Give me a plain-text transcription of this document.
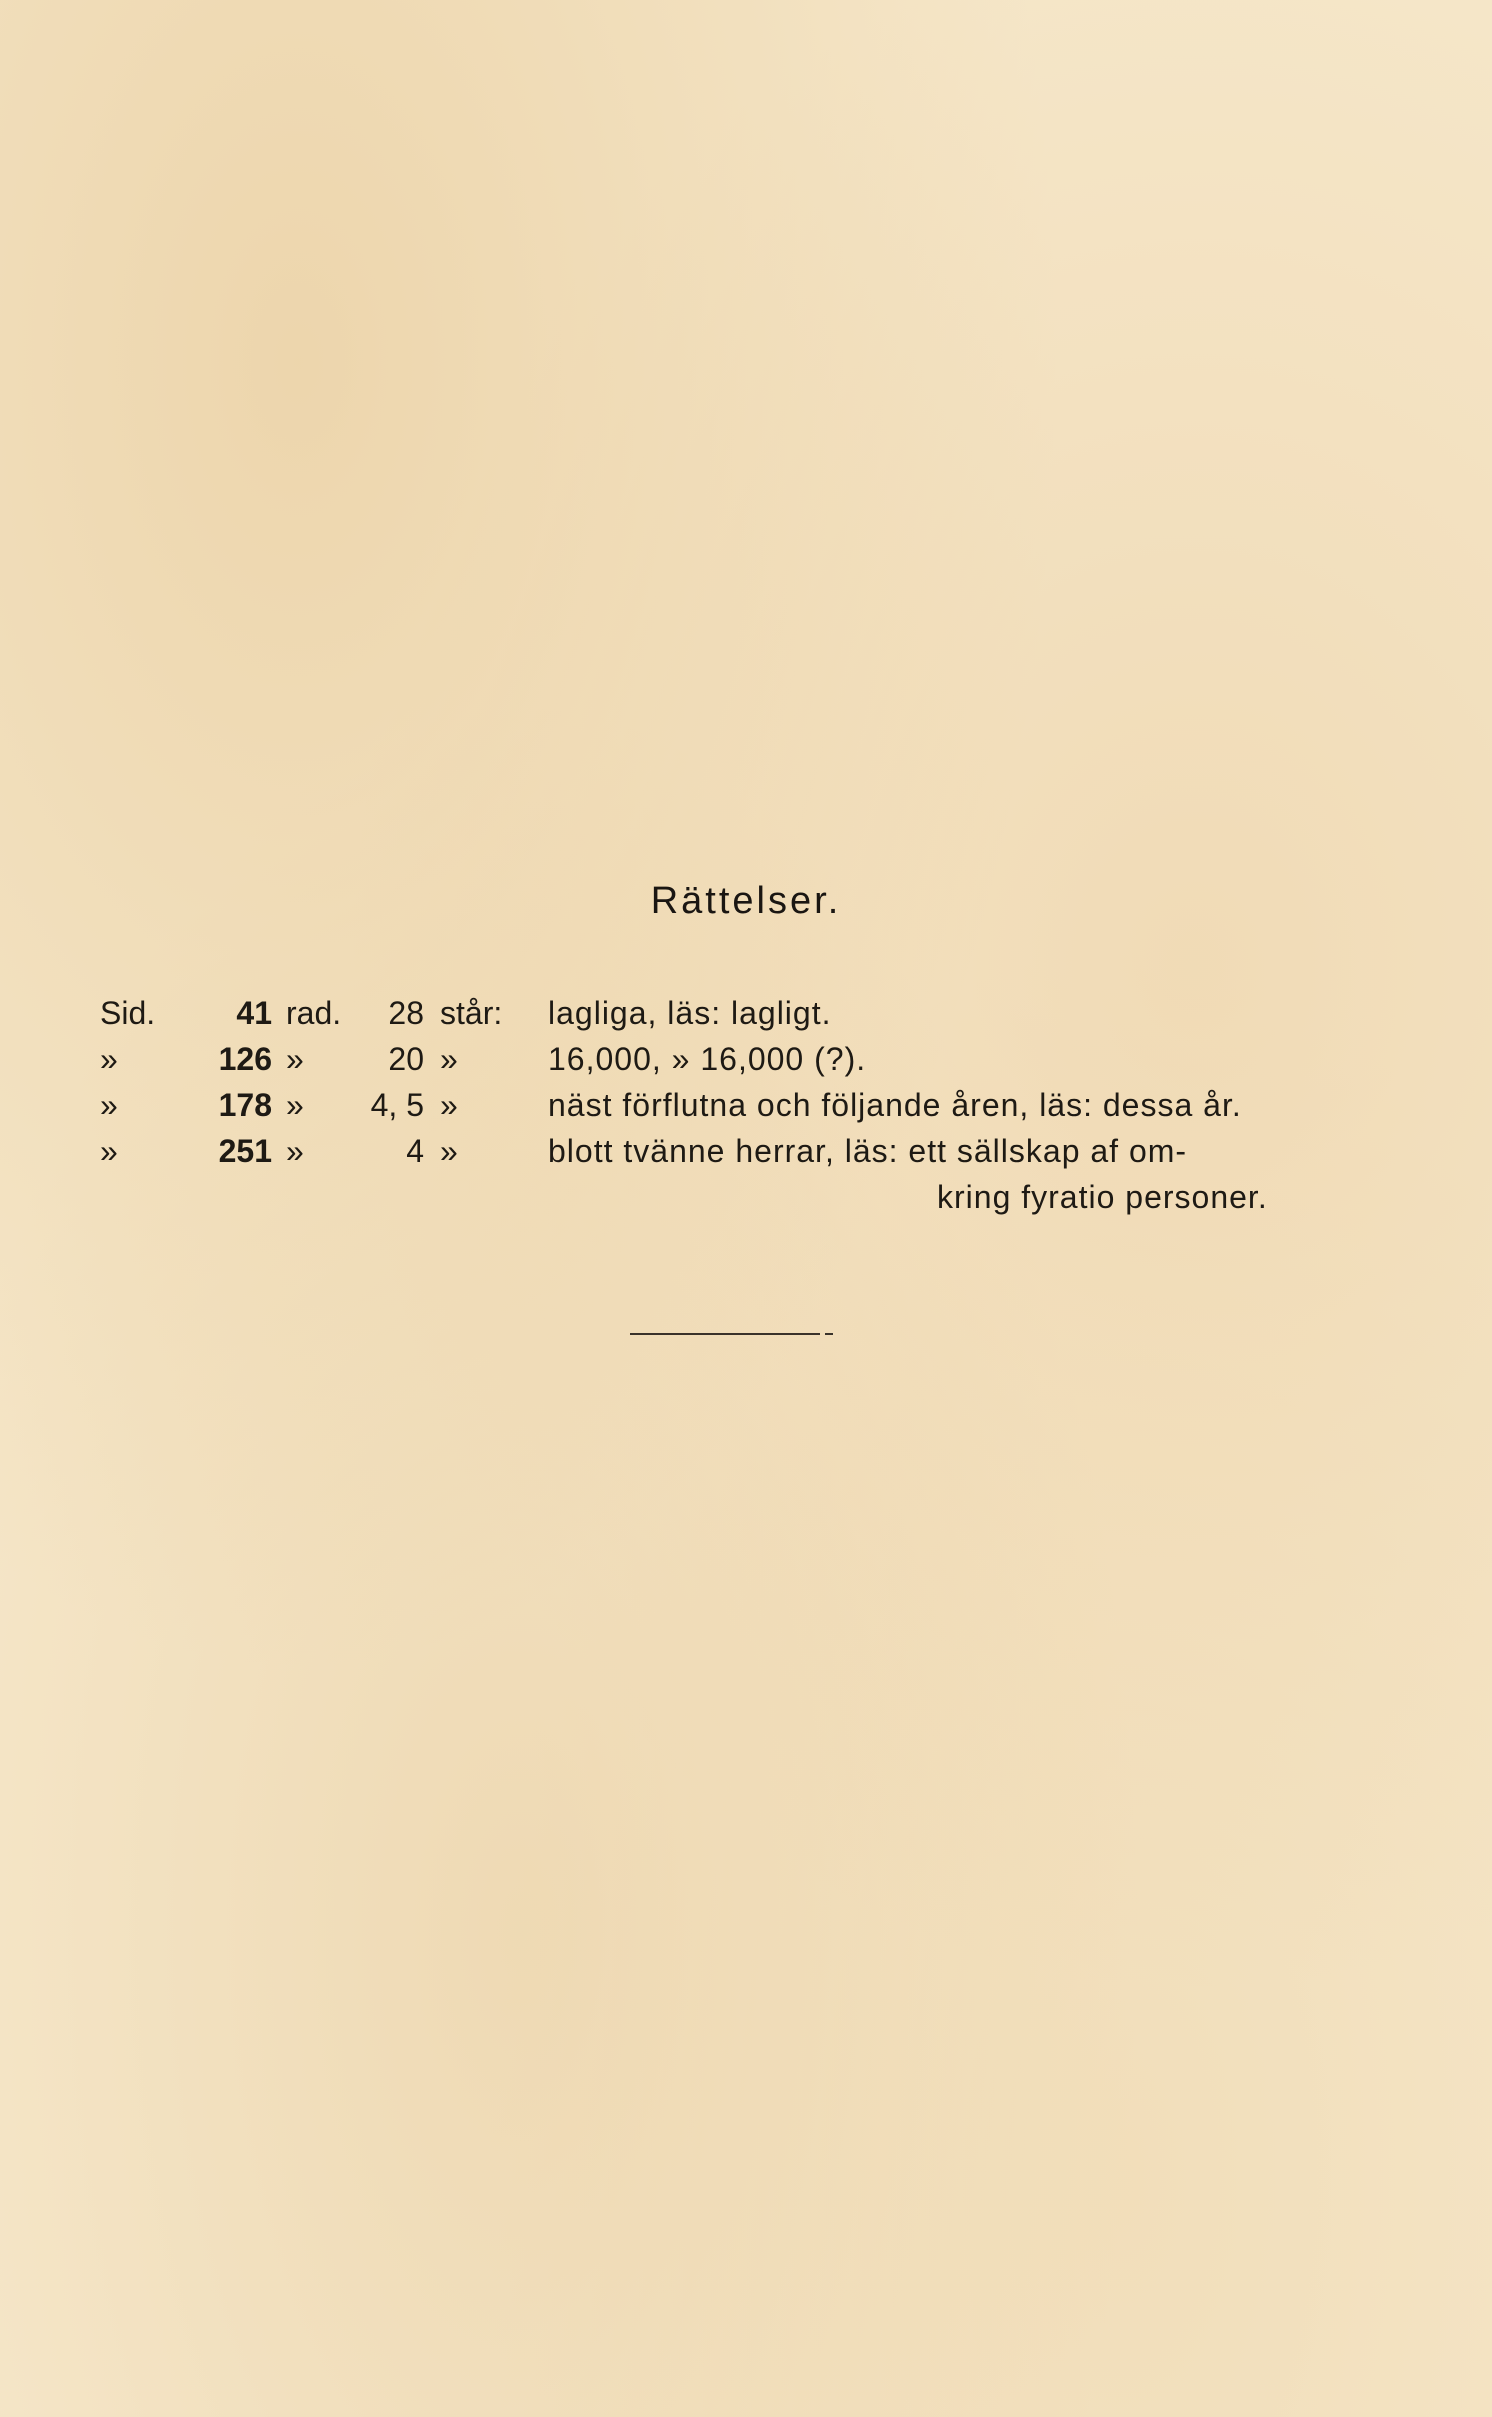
Rättelser.
Sid.	41 rad.	28 står: lagliga, läs: lagligt.
»	126 »	20 »	16,000, » 16,000 (?).
»	178 »	4, 5 »	näst förflutna och följande åren, läs: dessa år.
»	251 »	4 »	blott tvänne herrar, läs: ett sällskap af om-
kring fyratio personer.
